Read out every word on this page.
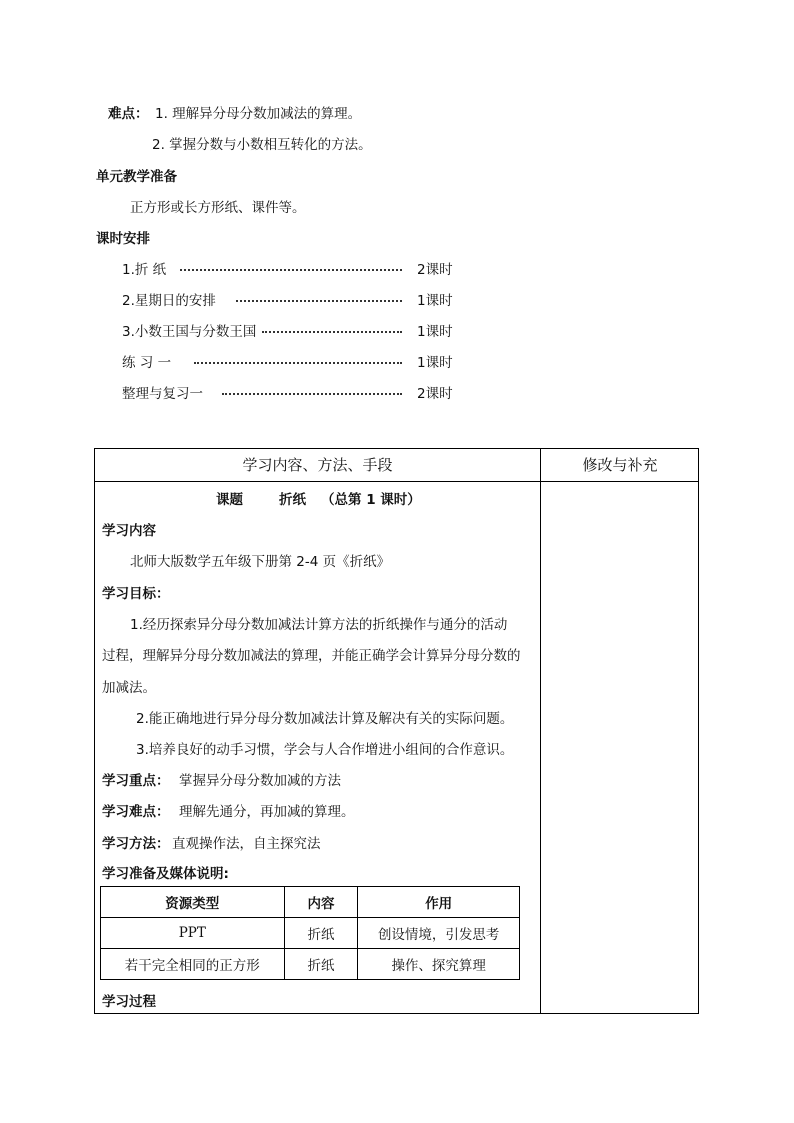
难点： 1. 理解异分母分数加减法的算理。
2. 掌握分数与小数相互转化的方法。
单元教学准备
正方形或长方形纸、课件等。
课时安排
1.折 纸	2课时
2.星期日的安排	1课时
3.小数王国与分数王国	1课时
练 习 一	1课时
整理与复习一	2课时
学习内容、方法、手段	修改与补充
课题	折纸 （总第 1 课时）
学习内容
北师大版数学五年级下册第 2-4 页《折纸》
学习目标：
1.经历探索异分母分数加减法计算方法的折纸操作与通分的活动
过程，理解异分母分数加减法的算理，并能正确学会计算异分母分数的
加减法。
2.能正确地进行异分母分数加减法计算及解决有关的实际问题。
3.培养良好的动手习惯，学会与人合作增进小组间的合作意识。
学习重点： 掌握异分母分数加减的方法
学习难点： 理解先通分，再加减的算理。
学习方法： 直观操作法，自主探究法
学习准备及媒体说明:
资源类型	内容	作用
PPT	折纸	创设情境，引发思考
若干完全相同的正方形	折纸	操作、探究算理
学习过程
